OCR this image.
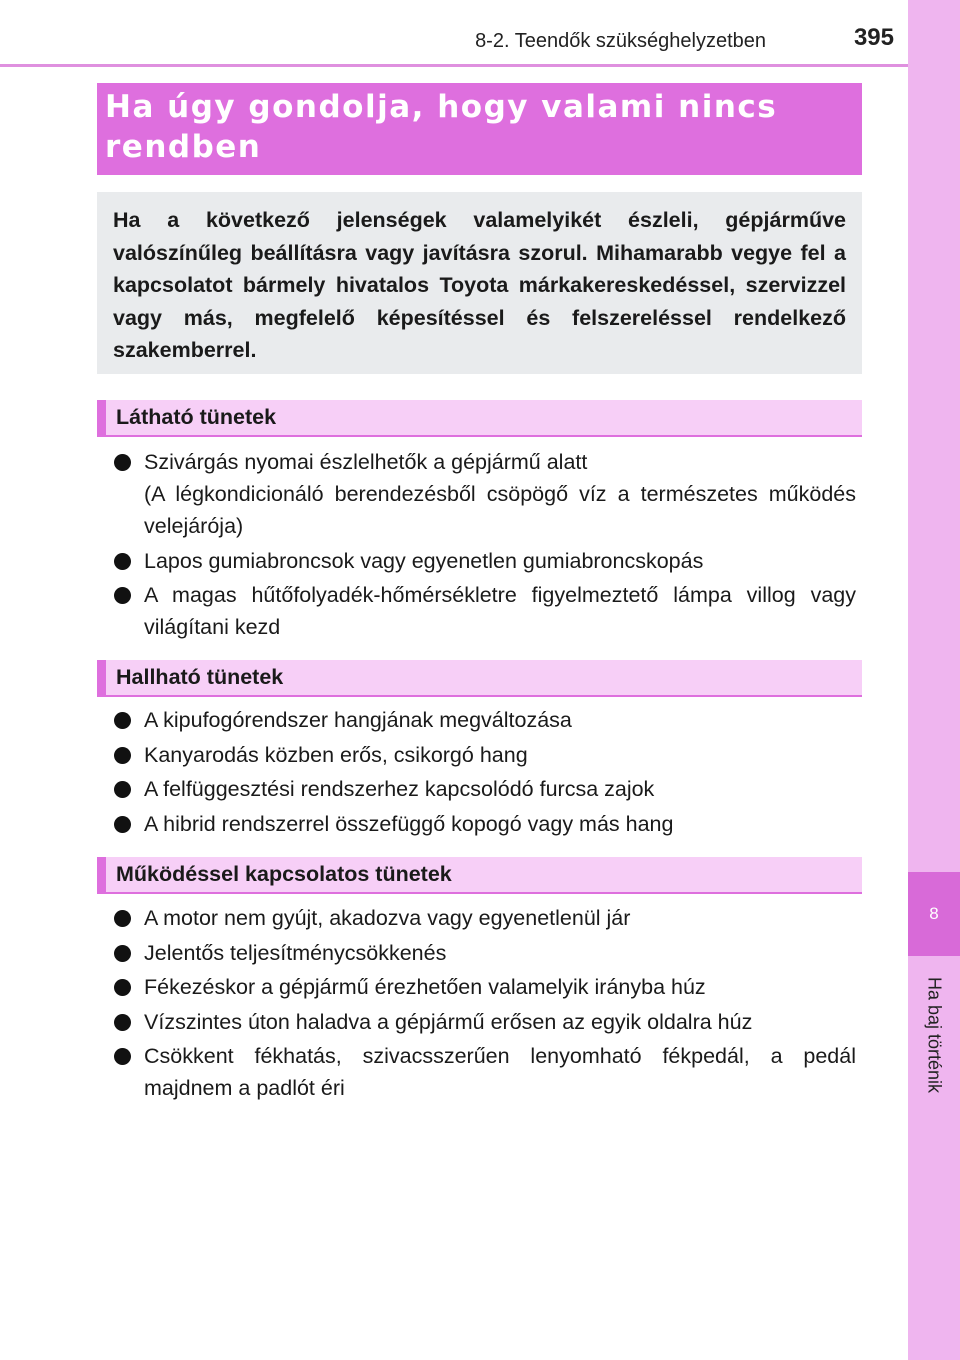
8
Ha baj történik
8-2. Teendők szükséghelyzetben	395
Ha úgy gondolja, hogy valami nincs rendben

Ha a következő jelenségek valamelyikét észleli, gépjárműve valószínűleg beállításra vagy javításra szorul. Mihamarabb vegye fel a kapcsolatot bármely hivatalos Toyota márkakereskedéssel, szervizzel vagy más, megfelelő képesítéssel és felszereléssel rendelkező szakemberrel.

Látható tünetek
Szivárgás nyomai észlelhetők a gépjármű alatt
(A légkondicionáló berendezésből csöpögő víz a természetes működés velejárója)
Lapos gumiabroncsok vagy egyenetlen gumiabroncskopás
A magas hűtőfolyadék-hőmérsékletre figyelmeztető lámpa villog vagy világítani kezd
Hallható tünetek
A kipufogórendszer hangjának megváltozása
Kanyarodás közben erős, csikorgó hang
A felfüggesztési rendszerhez kapcsolódó furcsa zajok
A hibrid rendszerrel összefüggő kopogó vagy más hang
Működéssel kapcsolatos tünetek
A motor nem gyújt, akadozva vagy egyenetlenül jár
Jelentős teljesítménycsökkenés
Fékezéskor a gépjármű érezhetően valamelyik irányba húz
Vízszintes úton haladva a gépjármű erősen az egyik oldalra húz
Csökkent fékhatás, szivacsszerűen lenyomható fékpedál, a pedál majdnem a padlót éri
